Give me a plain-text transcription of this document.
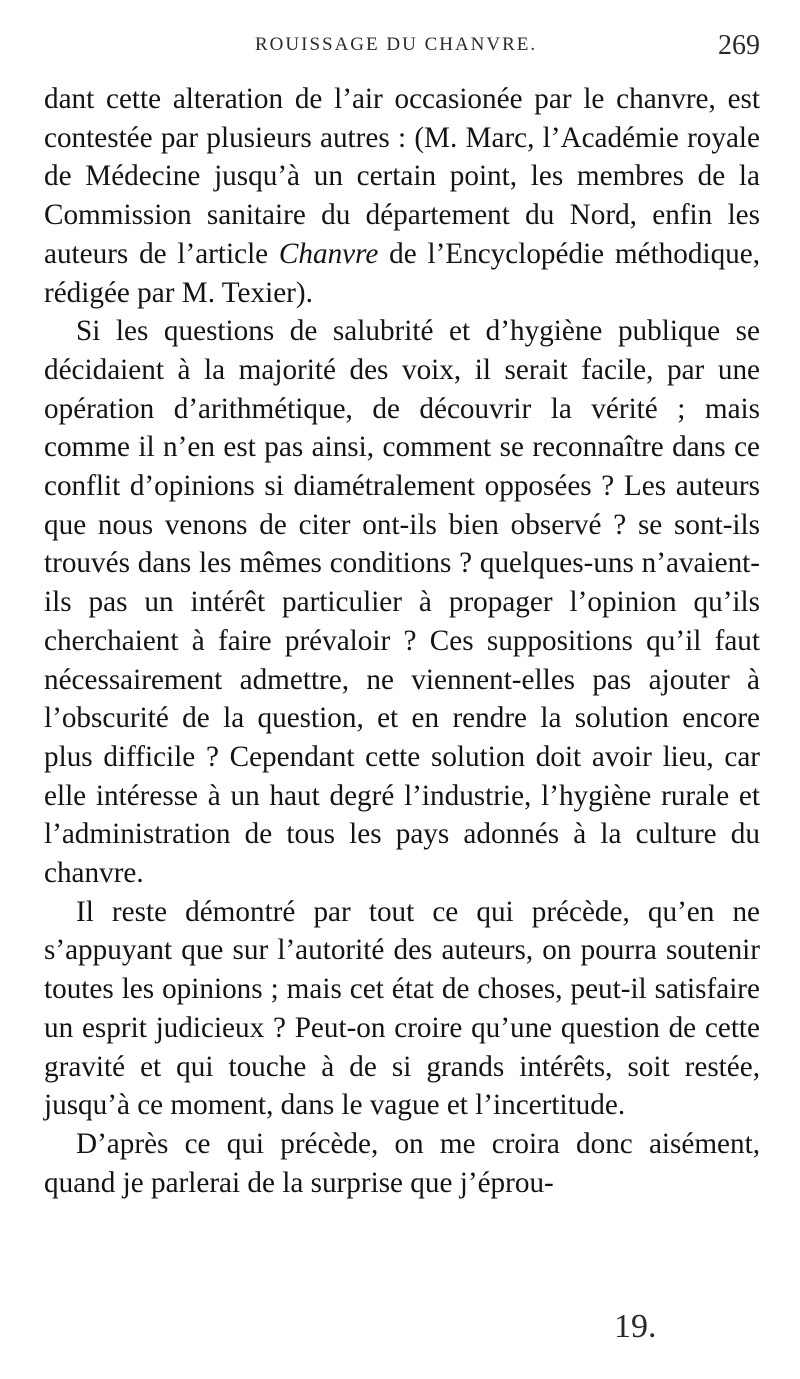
ROUISSAGE DU CHANVRE.	269

dant cette alteration de l’air occasionée par le chanvre, est contestée par plusieurs autres : (M. Marc, l’Académie royale de Médecine jusqu’à un certain point, les membres de la Commission sanitaire du département du Nord, enfin les auteurs de l’article Chanvre de l’Encyclopédie méthodique, rédigée par M. Texier).

Si les questions de salubrité et d’hygiène publique se décidaient à la majorité des voix, il serait facile, par une opération d’arithmétique, de découvrir la vérité ; mais comme il n’en est pas ainsi, comment se reconnaître dans ce conflit d’opinions si diamétralement opposées ? Les auteurs que nous venons de citer ont-ils bien observé ? se sont-ils trouvés dans les mêmes conditions ? quelques-uns n’avaient-ils pas un intérêt particulier à propager l’opinion qu’ils cherchaient à faire prévaloir ? Ces suppositions qu’il faut nécessairement admettre, ne viennent-elles pas ajouter à l’obscurité de la question, et en rendre la solution encore plus difficile ? Cependant cette solution doit avoir lieu, car elle intéresse à un haut degré l’industrie, l’hygiène rurale et l’administration de tous les pays adonnés à la culture du chanvre.

Il reste démontré par tout ce qui précède, qu’en ne s’appuyant que sur l’autorité des auteurs, on pourra soutenir toutes les opinions ; mais cet état de choses, peut-il satisfaire un esprit judicieux ? Peut-on croire qu’une question de cette gravité et qui touche à de si grands intérêts, soit restée, jusqu’à ce moment, dans le vague et l’incertitude.

D’après ce qui précède, on me croira donc aisément, quand je parlerai de la surprise que j’éprou-

19.
